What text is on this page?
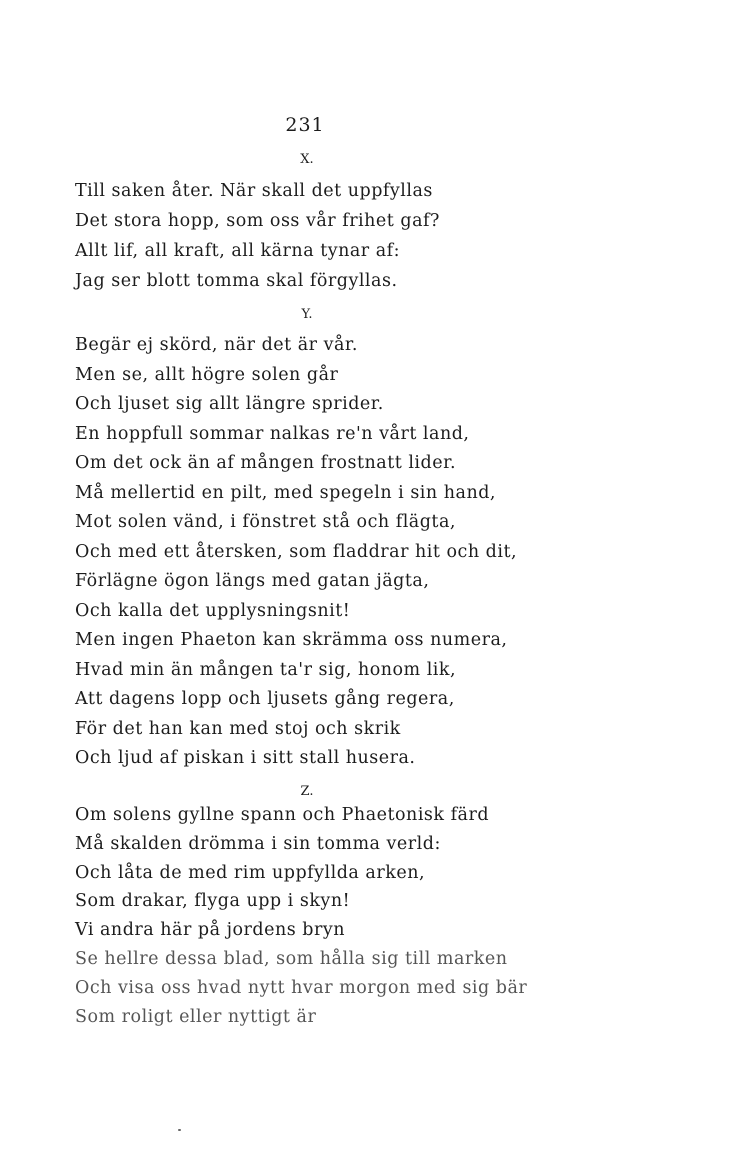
231
X.
Till saken åter. När skall det uppfyllas
Det stora hopp, som oss vår frihet gaf?
Allt lif, all kraft, all kärna tynar af:
Jag ser blott tomma skal förgyllas.
Y.
Begär ej skörd, när det är vår.
Men se, allt högre solen går
Och ljuset sig allt längre sprider.
En hoppfull sommar nalkas re'n vårt land,
Om det ock än af mången frostnatt lider.
Må mellertid en pilt, med spegeln i sin hand,
Mot solen vänd, i fönstret stå och flägta,
Och med ett återsken, som fladdrar hit och dit,
Förlägne ögon längs med gatan jägta,
Och kalla det upplysningsnit!
Men ingen Phaeton kan skrämma oss numera,
Hvad min än mången ta'r sig, honom lik,
Att dagens lopp och ljusets gång regera,
För det han kan med stoj och skrik
Och ljud af piskan i sitt stall husera.
Z.
Om solens gyllne spann och Phaetonisk färd
Må skalden drömma i sin tomma verld:
Och låta de med rim uppfyllda arken,
Som drakar, flyga upp i skyn!
Vi andra här på jordens bryn
Se hellre dessa blad, som hålla sig till marken
Och visa oss hvad nytt hvar morgon med sig bär
Som roligt eller nyttigt är
